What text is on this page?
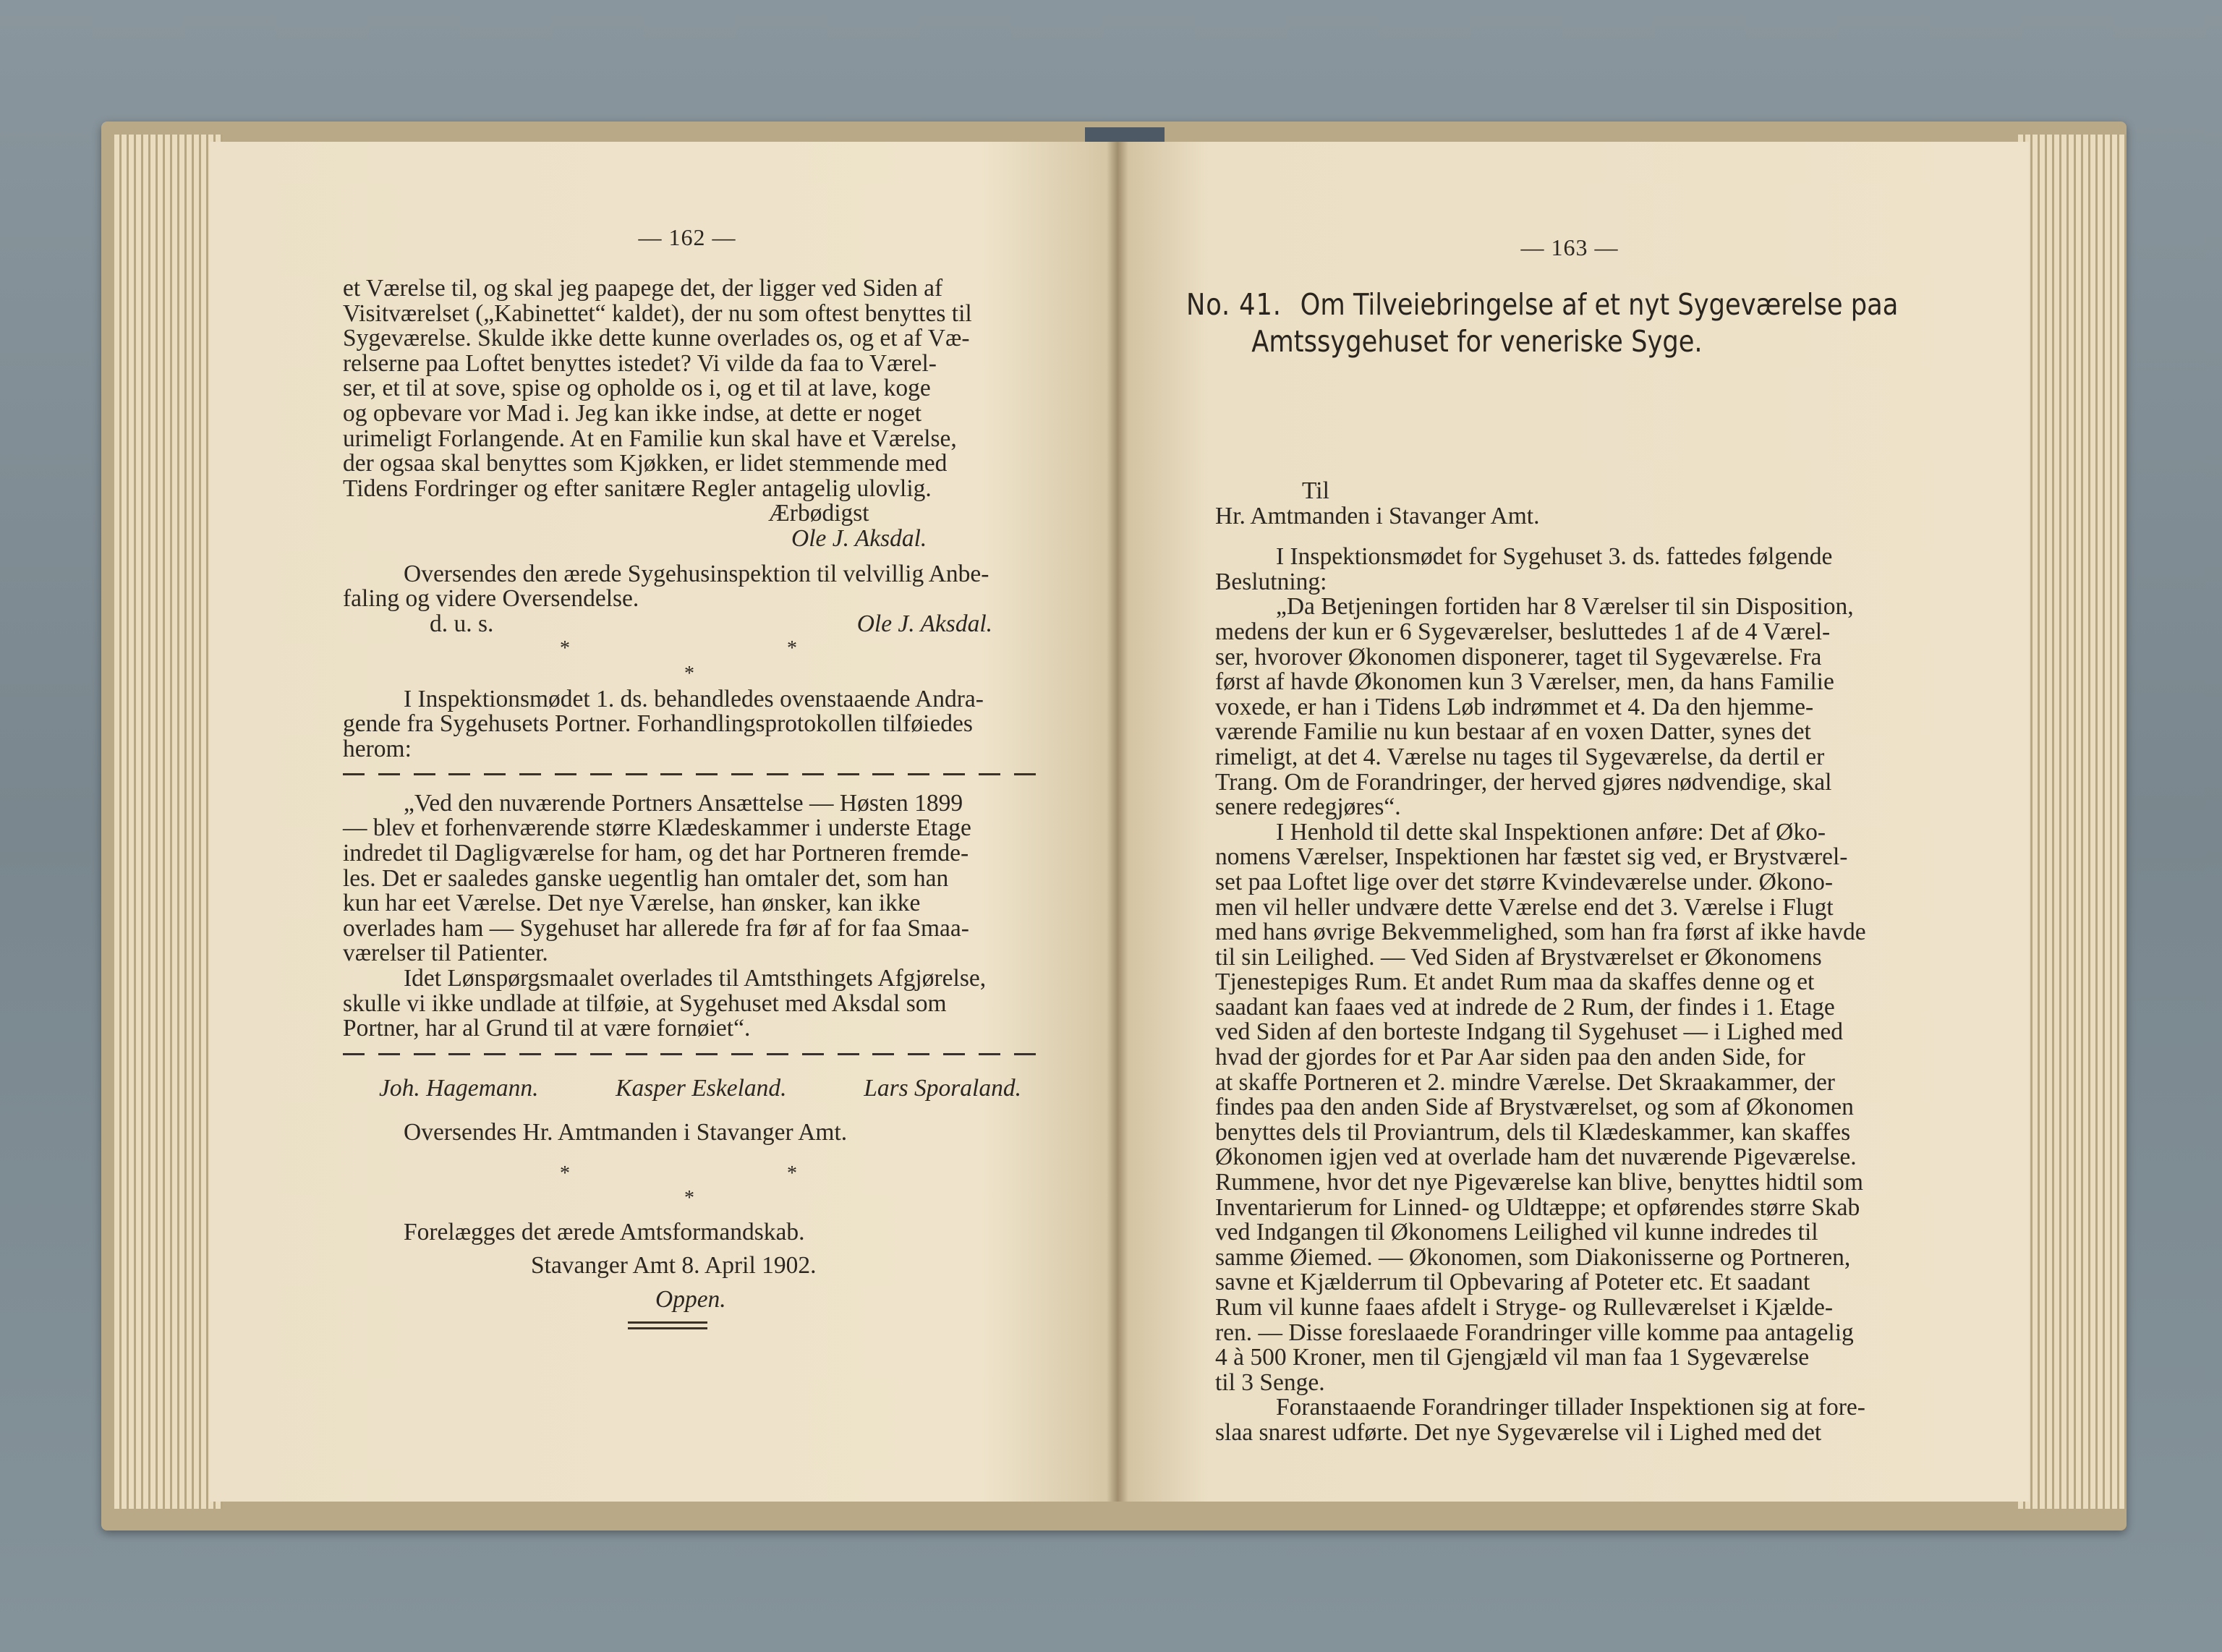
— 162 —
et Værelse til, og skal jeg paapege det, der ligger ved Siden af
Visitværelset („Kabinettet“ kaldet), der nu som oftest benyttes til
Sygeværelse. Skulde ikke dette kunne overlades os, og et af Væ-
relserne paa Loftet benyttes istedet? Vi vilde da faa to Værel-
ser, et til at sove, spise og opholde os i, og et til at lave, koge
og opbevare vor Mad i. Jeg kan ikke indse, at dette er noget
urimeligt Forlangende. At en Familie kun skal have et Værelse,
der ogsaa skal benyttes som Kjøkken, er lidet stemmende med
Tidens Fordringer og efter sanitære Regler antagelig ulovlig.
Ærbødigst
Ole J. Aksdal.
Oversendes den ærede Sygehusinspektion til velvillig Anbe-
faling og videre Oversendelse.
d. u. s.	Ole J. Aksdal.
*	*
*
I Inspektionsmødet 1. ds. behandledes ovenstaaende Andra-
gende fra Sygehusets Portner. Forhandlingsprotokollen tilføiedes
herom:
„Ved den nuværende Portners Ansættelse — Høsten 1899
— blev et forhenværende større Klædeskammer i underste Etage
indredet til Dagligværelse for ham, og det har Portneren fremde-
les. Det er saaledes ganske uegentlig han omtaler det, som han
kun har eet Værelse. Det nye Værelse, han ønsker, kan ikke
overlades ham — Sygehuset har allerede fra før af for faa Smaa-
værelser til Patienter.
Idet Lønspørgsmaalet overlades til Amtsthingets Afgjørelse,
skulle vi ikke undlade at tilføie, at Sygehuset med Aksdal som
Portner, har al Grund til at være fornøiet“.
Joh. Hagemann.	Kasper Eskeland.	Lars Sporaland.
Oversendes Hr. Amtmanden i Stavanger Amt.
*	*
*
Forelægges det ærede Amtsformandskab.
Stavanger Amt 8. April 1902.
Oppen.
— 163 —
No. 41. Om Tilveiebringelse af et nyt Sygeværelse paa
Amtssygehuset for veneriske Syge.
Til
Hr. Amtmanden i Stavanger Amt.
I Inspektionsmødet for Sygehuset 3. ds. fattedes følgende
Beslutning:
„Da Betjeningen fortiden har 8 Værelser til sin Disposition,
medens der kun er 6 Sygeværelser, besluttedes 1 af de 4 Værel-
ser, hvorover Økonomen disponerer, taget til Sygeværelse. Fra
først af havde Økonomen kun 3 Værelser, men, da hans Familie
voxede, er han i Tidens Løb indrømmet et 4. Da den hjemme-
værende Familie nu kun bestaar af en voxen Datter, synes det
rimeligt, at det 4. Værelse nu tages til Sygeværelse, da dertil er
Trang. Om de Forandringer, der herved gjøres nødvendige, skal
senere redegjøres“.
I Henhold til dette skal Inspektionen anføre: Det af Øko-
nomens Værelser, Inspektionen har fæstet sig ved, er Brystværel-
set paa Loftet lige over det større Kvindeværelse under. Økono-
men vil heller undvære dette Værelse end det 3. Værelse i Flugt
med hans øvrige Bekvemmelighed, som han fra først af ikke havde
til sin Leilighed. — Ved Siden af Brystværelset er Økonomens
Tjenestepiges Rum. Et andet Rum maa da skaffes denne og et
saadant kan faaes ved at indrede de 2 Rum, der findes i 1. Etage
ved Siden af den borteste Indgang til Sygehuset — i Lighed med
hvad der gjordes for et Par Aar siden paa den anden Side, for
at skaffe Portneren et 2. mindre Værelse. Det Skraakammer, der
findes paa den anden Side af Brystværelset, og som af Økonomen
benyttes dels til Proviantrum, dels til Klædeskammer, kan skaffes
Økonomen igjen ved at overlade ham det nuværende Pigeværelse.
Rummene, hvor det nye Pigeværelse kan blive, benyttes hidtil som
Inventarierum for Linned- og Uldtæppe; et opførendes større Skab
ved Indgangen til Økonomens Leilighed vil kunne indredes til
samme Øiemed. — Økonomen, som Diakonisserne og Portneren,
savne et Kjælderrum til Opbevaring af Poteter etc. Et saadant
Rum vil kunne faaes afdelt i Stryge- og Rulleværelset i Kjælde-
ren. — Disse foreslaaede Forandringer ville komme paa antagelig
4 à 500 Kroner, men til Gjengjæld vil man faa 1 Sygeværelse
til 3 Senge.
Foranstaaende Forandringer tillader Inspektionen sig at fore-
slaa snarest udførte. Det nye Sygeværelse vil i Lighed med det
